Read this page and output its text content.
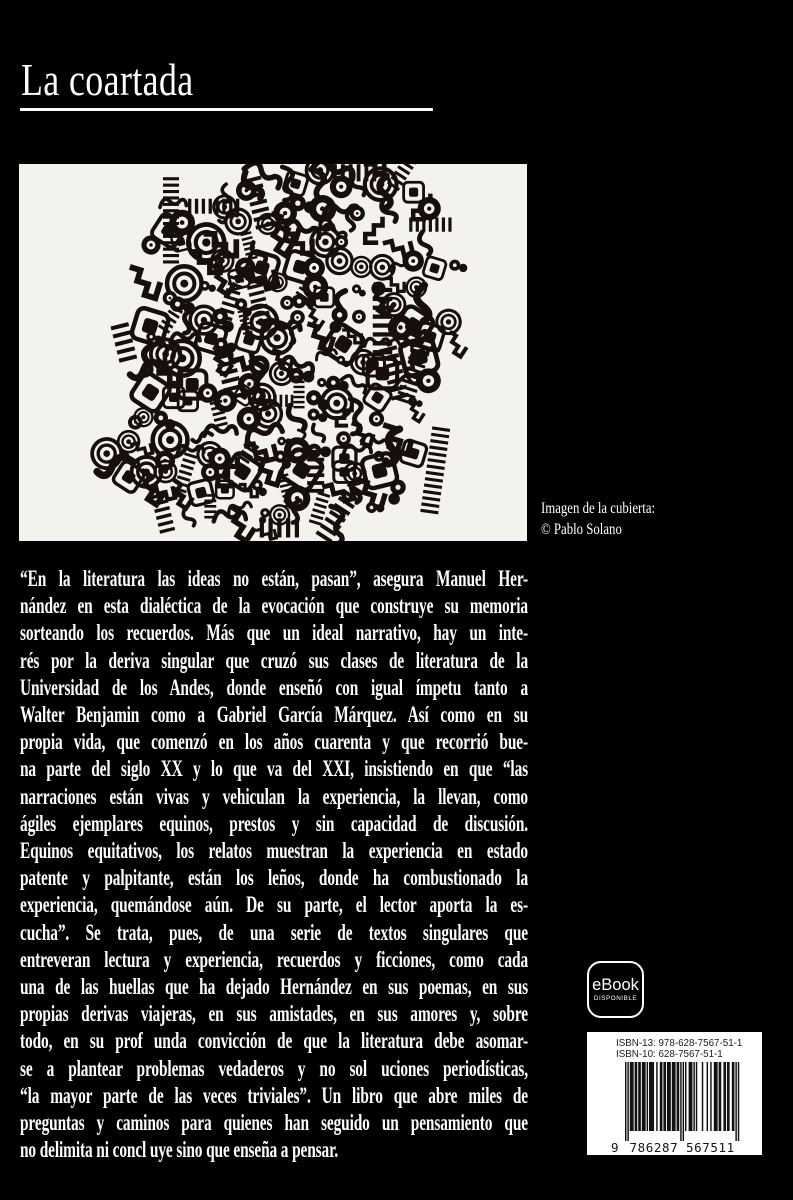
La coartada
Imagen de la cubierta:
© Pablo Solano
“En la literatura las ideas no están, pasan”, asegura Manuel Her-
nández en esta dialéctica de la evocación que construye su memoria
sorteando los recuerdos. Más que un ideal narrativo, hay un inte-
rés por la deriva singular que cruzó sus clases de literatura de la
Universidad de los Andes, donde enseñó con igual ímpetu tanto a
Walter Benjamin como a Gabriel García Márquez. Así como en su
propia vida, que comenzó en los años cuarenta y que recorrió bue-
na parte del siglo XX y lo que va del XXI, insistiendo en que “las
narraciones están vivas y vehiculan la experiencia, la llevan, como
ágiles ejemplares equinos, prestos y sin capacidad de discusión.
Equinos equitativos, los relatos muestran la experiencia en estado
patente y palpitante, están los leños, donde ha combustionado la
experiencia, quemándose aún. De su parte, el lector aporta la es-
cucha”. Se trata, pues, de una serie de textos singulares que
entreveran lectura y experiencia, recuerdos y ficciones, como cada
una de las huellas que ha dejado Hernández en sus poemas, en sus
propias derivas viajeras, en sus amistades, en sus amores y, sobre
todo, en su prof unda convicción de que la literatura debe asomar-
se a plantear problemas vedaderos y no sol uciones periodísticas,
“la mayor parte de las veces triviales”. Un libro que abre miles de
preguntas y caminos para quienes han seguido un pensamiento que
no delimita ni concl uye sino que enseña a pensar.
eBook
DISPONIBLE
ISBN-13: 978-628-7567-51-1
ISBN-10: 628-7567-51-1
9 786287 567511
